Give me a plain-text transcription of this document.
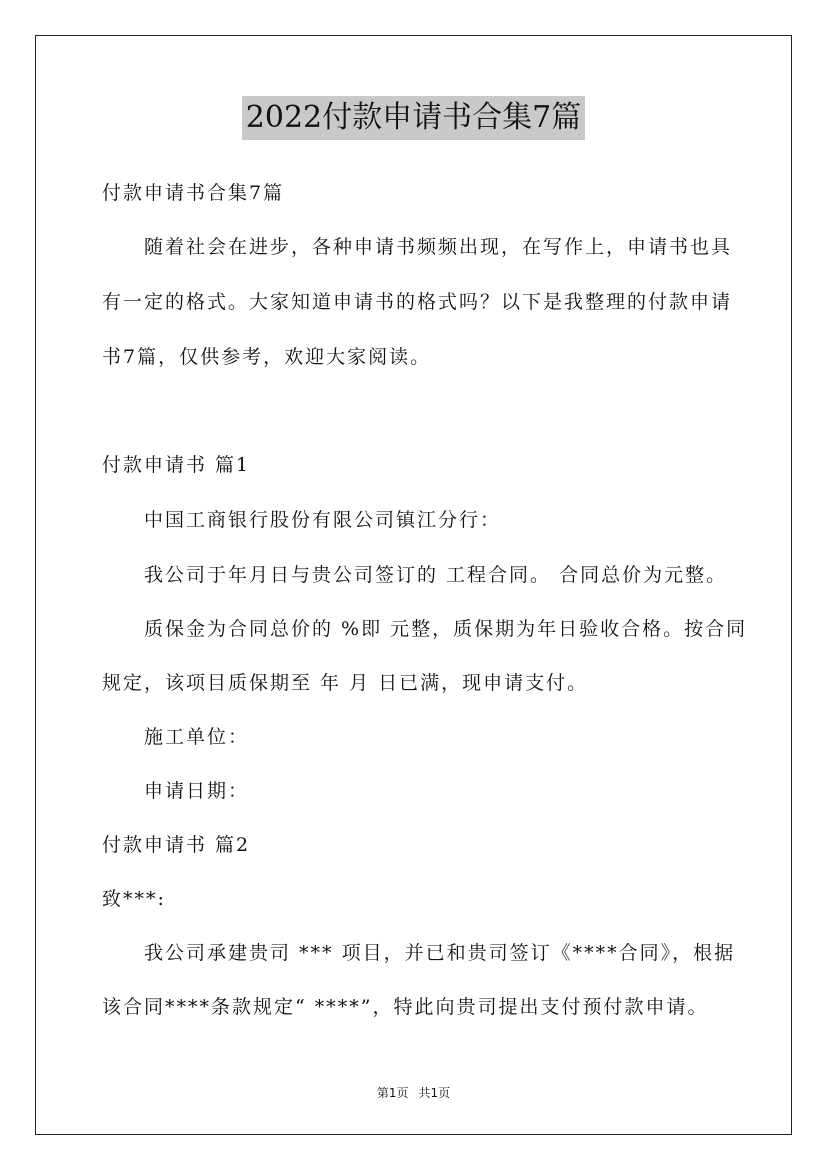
2022付款申请书合集7篇
付款申请书合集7篇
随着社会在进步，各种申请书频频出现，在写作上，申请书也具
有一定的格式。大家知道申请书的格式吗？以下是我整理的付款申请
书7篇，仅供参考，欢迎大家阅读。
付款申请书 篇1
中国工商银行股份有限公司镇江分行：
我公司于年月日与贵公司签订的 工程合同。 合同总价为元整。
质保金为合同总价的 %即 元整，质保期为年日验收合格。按合同
规定，该项目质保期至 年 月 日已满，现申请支付。
施工单位：
申请日期：
付款申请书 篇2
致***:
我公司承建贵司 *** 项目，并已和贵司签订《****合同》，根据
该合同****条款规定“ ****”，特此向贵司提出支付预付款申请。
第1页 共1页
